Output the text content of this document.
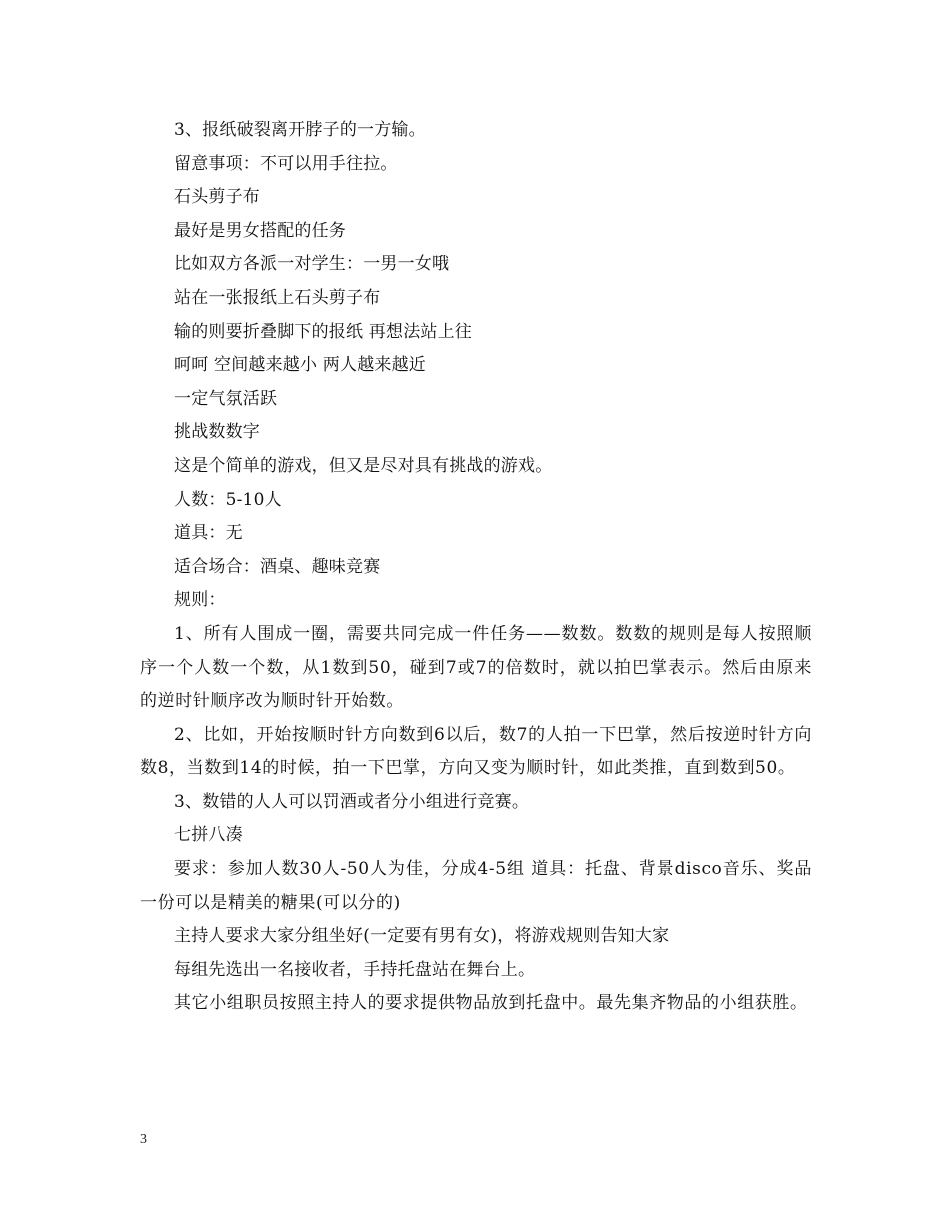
3、报纸破裂离开脖子的一方输。
留意事项：不可以用手往拉。
石头剪子布
最好是男女搭配的任务
比如双方各派一对学生：一男一女哦
站在一张报纸上石头剪子布
输的则要折叠脚下的报纸 再想法站上往
呵呵 空间越来越小 两人越来越近
一定气氛活跃
挑战数数字
这是个简单的游戏，但又是尽对具有挑战的游戏。
人数：5-10人
道具：无
适合场合：酒桌、趣味竞赛
规则：

1、所有人围成一圈，需要共同完成一件任务——数数。数数的规则是每人按照顺序一个人数一个数，从1数到50，碰到7或7的倍数时，就以拍巴掌表示。然后由原来的逆时针顺序改为顺时针开始数。

2、比如，开始按顺时针方向数到6以后，数7的人拍一下巴掌，然后按逆时针方向数8，当数到14的时候，拍一下巴掌，方向又变为顺时针，如此类推，直到数到50。

3、数错的人人可以罚酒或者分小组进行竞赛。
七拼八凑

要求：参加人数30人-50人为佳，分成4-5组 道具：托盘、背景disco音乐、奖品一份可以是精美的糖果(可以分的)

主持人要求大家分组坐好(一定要有男有女)，将游戏规则告知大家
每组先选出一名接收者，手持托盘站在舞台上。

其它小组职员按照主持人的要求提供物品放到托盘中。最先集齐物品的小组获胜。

3
